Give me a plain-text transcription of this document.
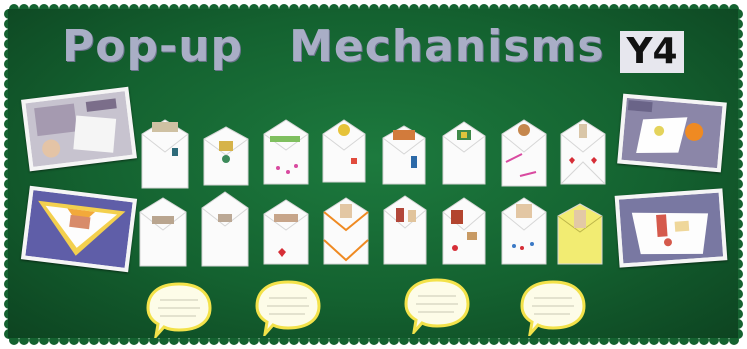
Pop-up Mechanisms Y4
